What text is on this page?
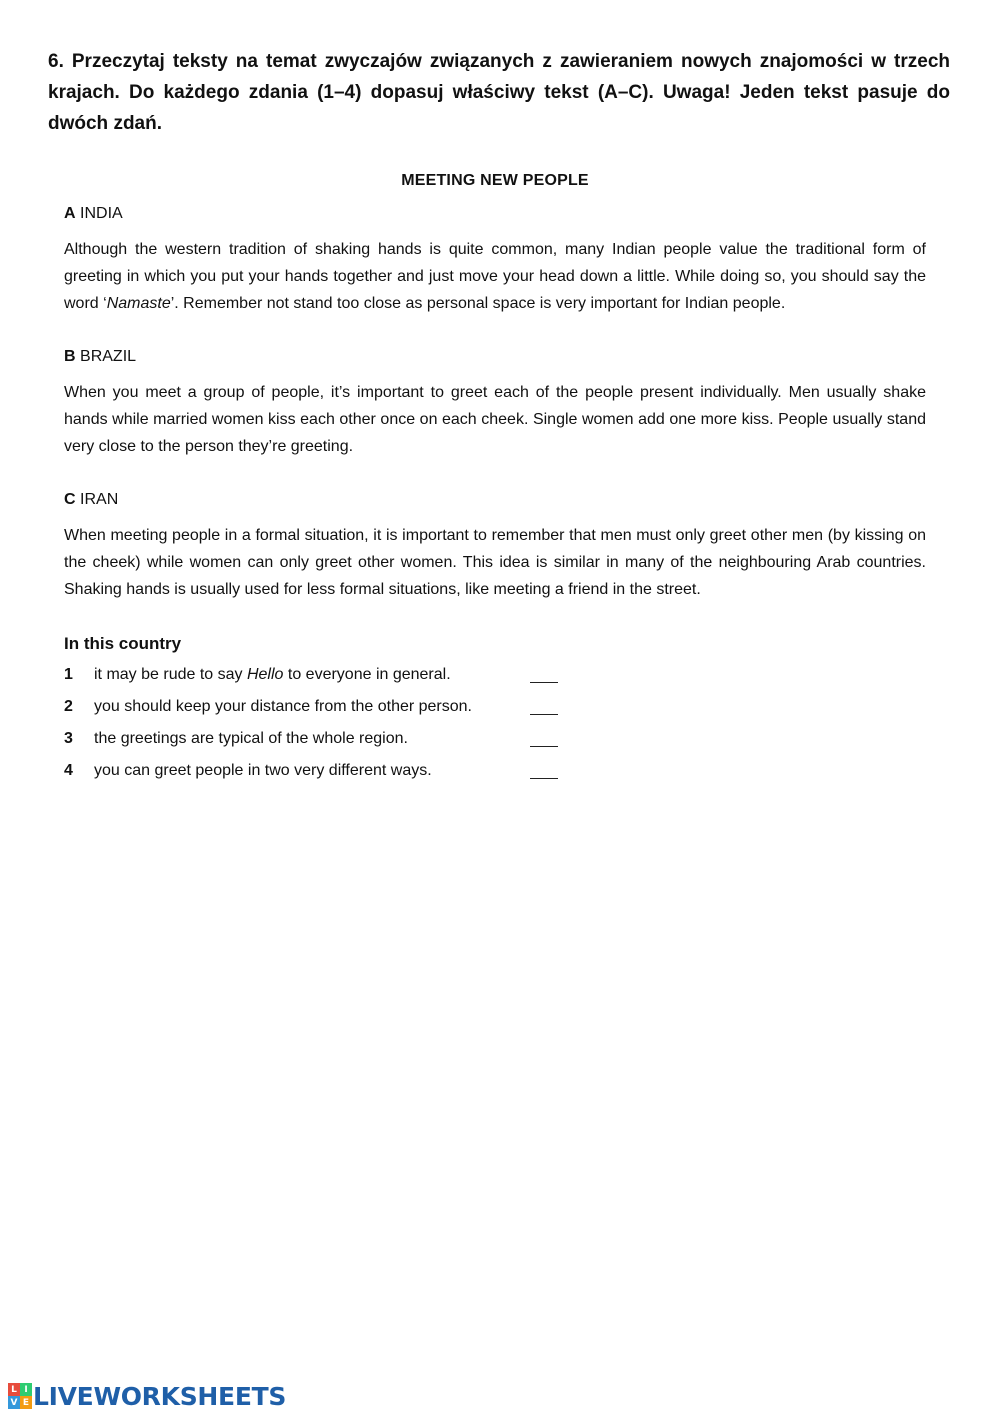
6. Przeczytaj teksty na temat zwyczajów związanych z zawieraniem nowych znajomości w trzech krajach. Do każdego zdania (1–4) dopasuj właściwy tekst (A–C). Uwaga! Jeden tekst pasuje do dwóch zdań.

MEETING NEW PEOPLE

A INDIA

Although the western tradition of shaking hands is quite common, many Indian people value the traditional form of greeting in which you put your hands together and just move your head down a little. While doing so, you should say the word ‘Namaste’. Remember not stand too close as personal space is very important for Indian people.

B BRAZIL

When you meet a group of people, it’s important to greet each of the people present individually. Men usually shake hands while married women kiss each other once on each cheek. Single women add one more kiss. People usually stand very close to the person they’re greeting.

C IRAN

When meeting people in a formal situation, it is important to remember that men must only greet other men (by kissing on the cheek) while women can only greet other women. This idea is similar in many of the neighbouring Arab countries. Shaking hands is usually used for less formal situations, like meeting a friend in the street.

In this country

1 it may be rude to say Hello to everyone in general.
2 you should keep your distance from the other person.
3 the greetings are typical of the whole region.
4 you can greet people in two very different ways.
L I
V E LIVEWORKSHEETS
